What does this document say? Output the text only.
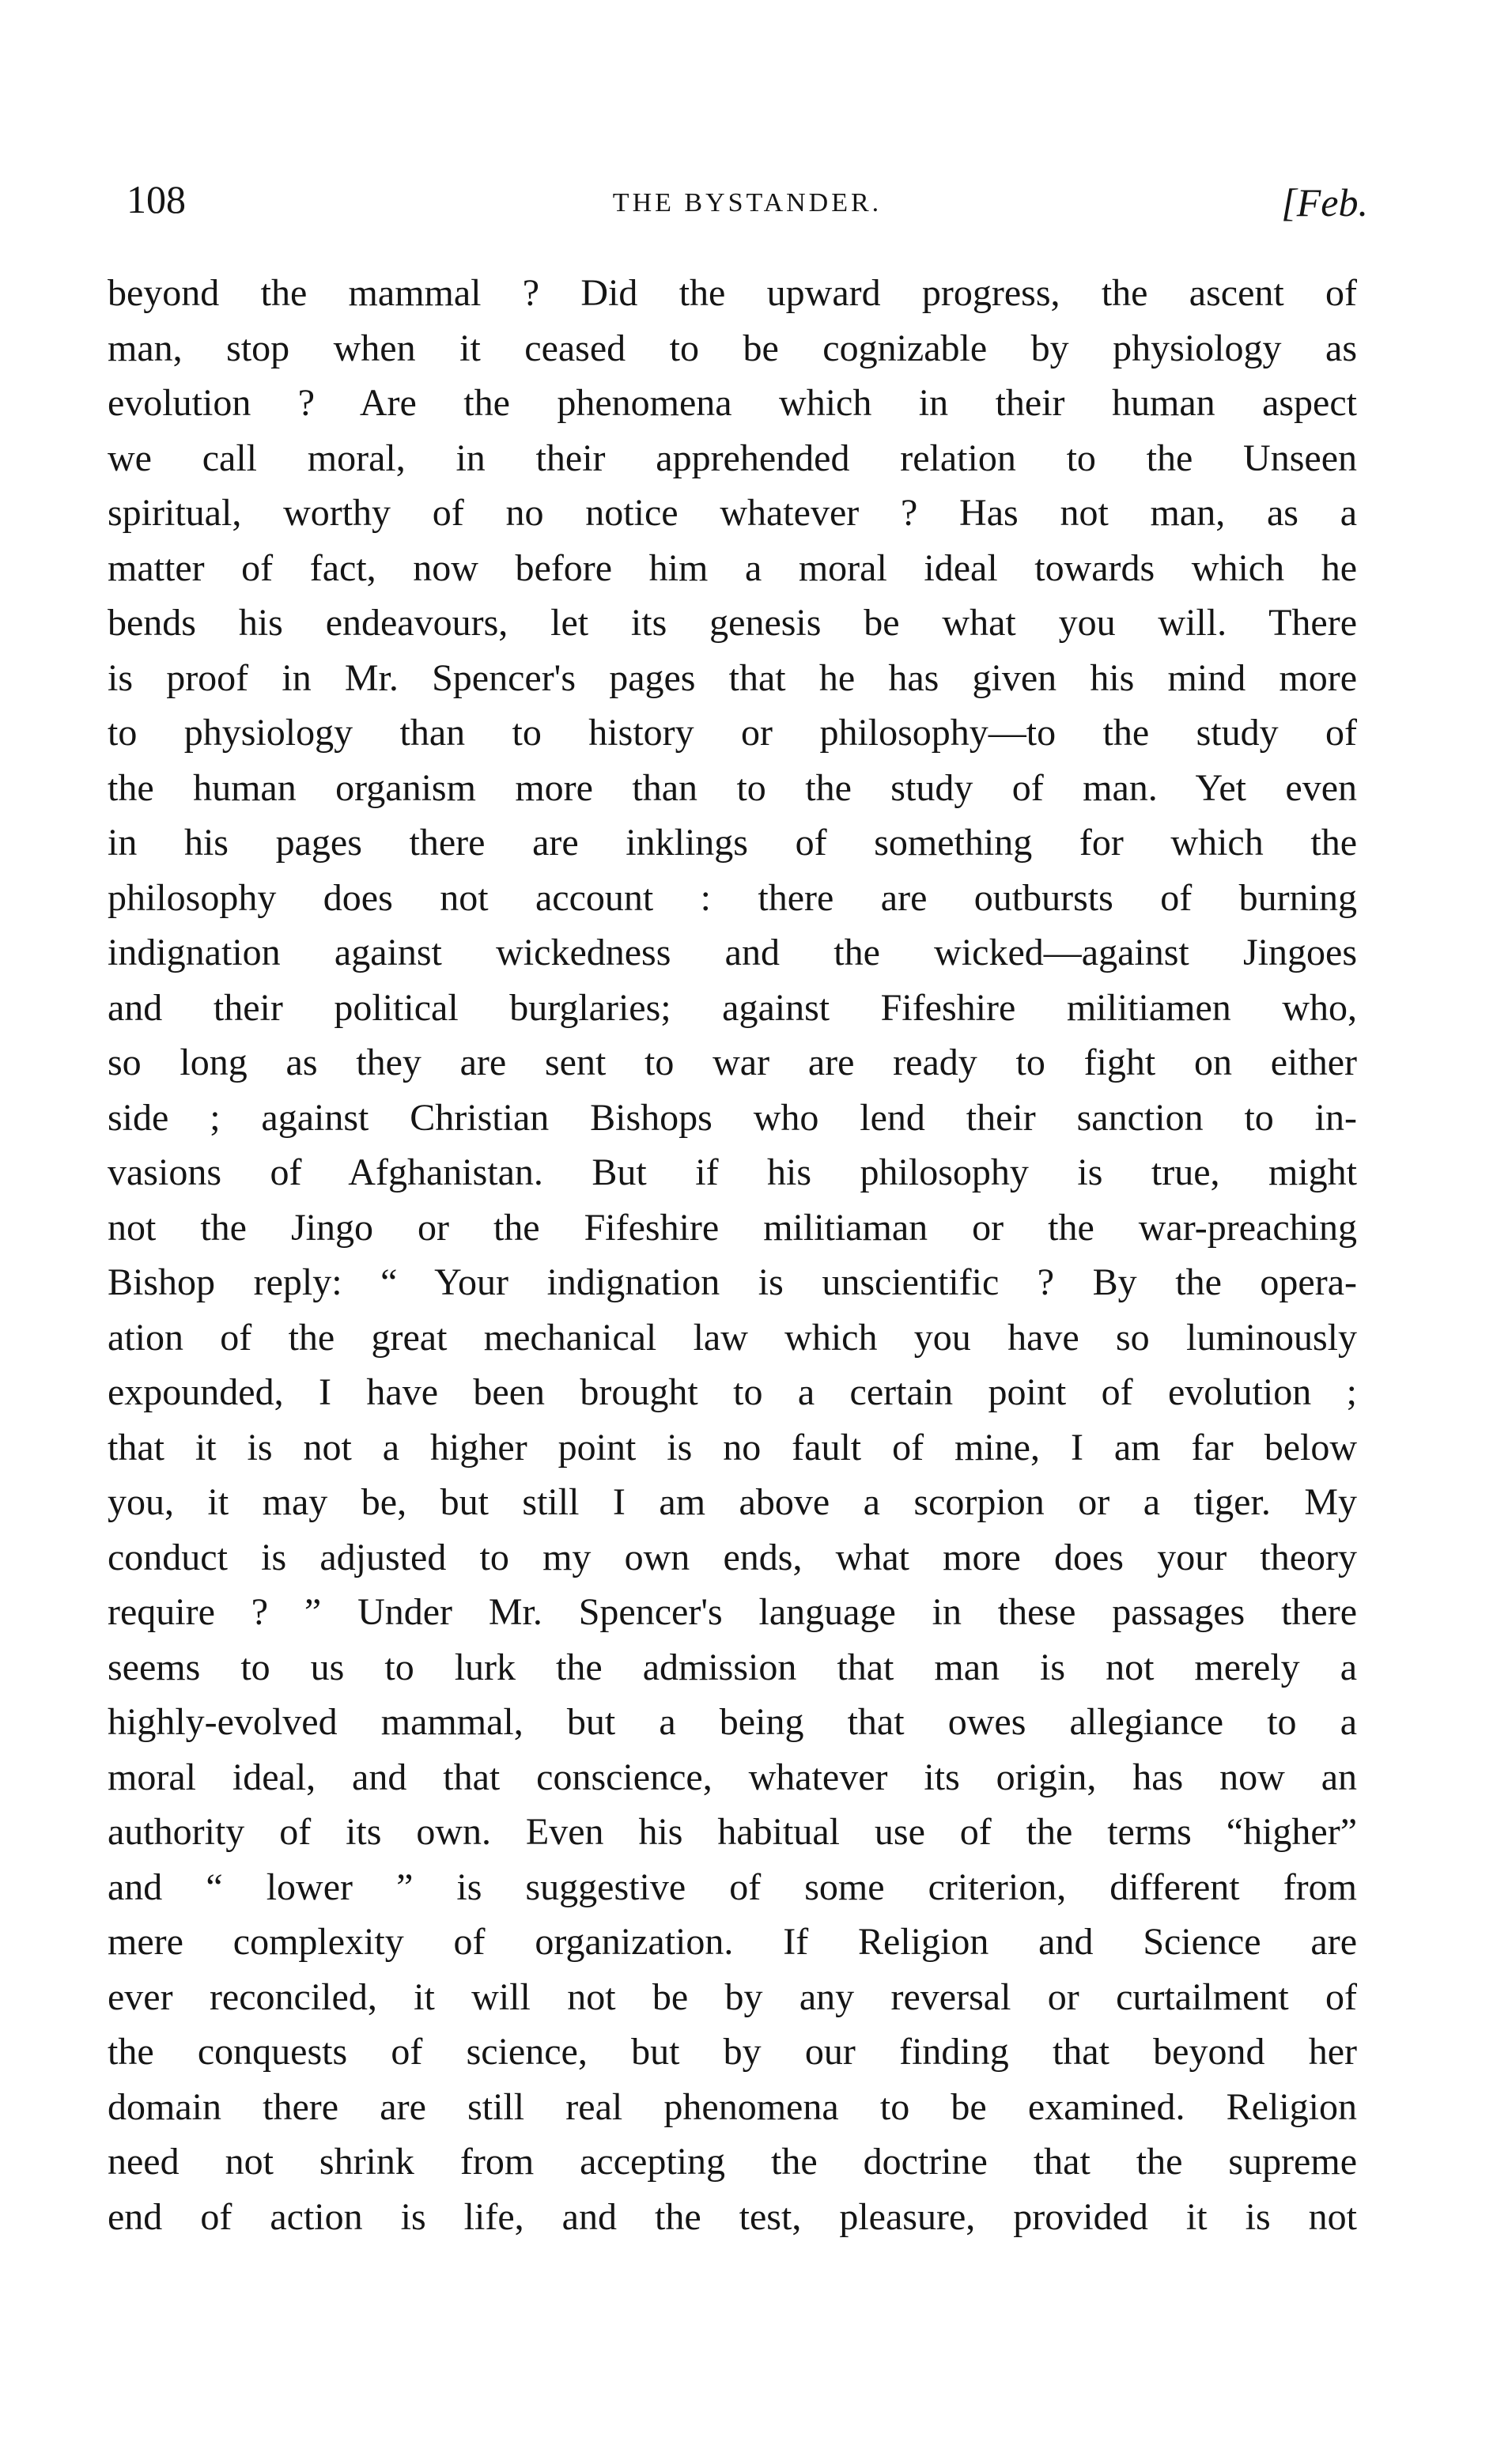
108	THE BYSTANDER.	[Feb.
beyond the mammal ? Did the upward progress, the ascent of
man, stop when it ceased to be cognizable by physiology as
evolution ? Are the phenomena which in their human aspect
we call moral, in their apprehended relation to the Unseen
spiritual, worthy of no notice whatever ? Has not man, as a
matter of fact, now before him a moral ideal towards which he
bends his endeavours, let its genesis be what you will. There
is proof in Mr. Spencer's pages that he has given his mind more
to physiology than to history or philosophy—to the study of
the human organism more than to the study of man. Yet even
in his pages there are inklings of something for which the
philosophy does not account : there are outbursts of burning
indignation against wickedness and the wicked—against Jingoes
and their political burglaries; against Fifeshire militiamen who,
so long as they are sent to war are ready to fight on either
side ; against Christian Bishops who lend their sanction to in-
vasions of Afghanistan. But if his philosophy is true, might
not the Jingo or the Fifeshire militiaman or the war-preaching
Bishop reply: “ Your indignation is unscientific ? By the opera-
ation of the great mechanical law which you have so luminously
expounded, I have been brought to a certain point of evolution ;
that it is not a higher point is no fault of mine, I am far below
you, it may be, but still I am above a scorpion or a tiger. My
conduct is adjusted to my own ends, what more does your theory
require ? ” Under Mr. Spencer's language in these passages there
seems to us to lurk the admission that man is not merely a
highly-evolved mammal, but a being that owes allegiance to a
moral ideal, and that conscience, whatever its origin, has now an
authority of its own. Even his habitual use of the terms “higher”
and “ lower ” is suggestive of some criterion, different from
mere complexity of organization. If Religion and Science are
ever reconciled, it will not be by any reversal or curtailment of
the conquests of science, but by our finding that beyond her
domain there are still real phenomena to be examined. Religion
need not shrink from accepting the doctrine that the supreme
end of action is life, and the test, pleasure, provided it is not
